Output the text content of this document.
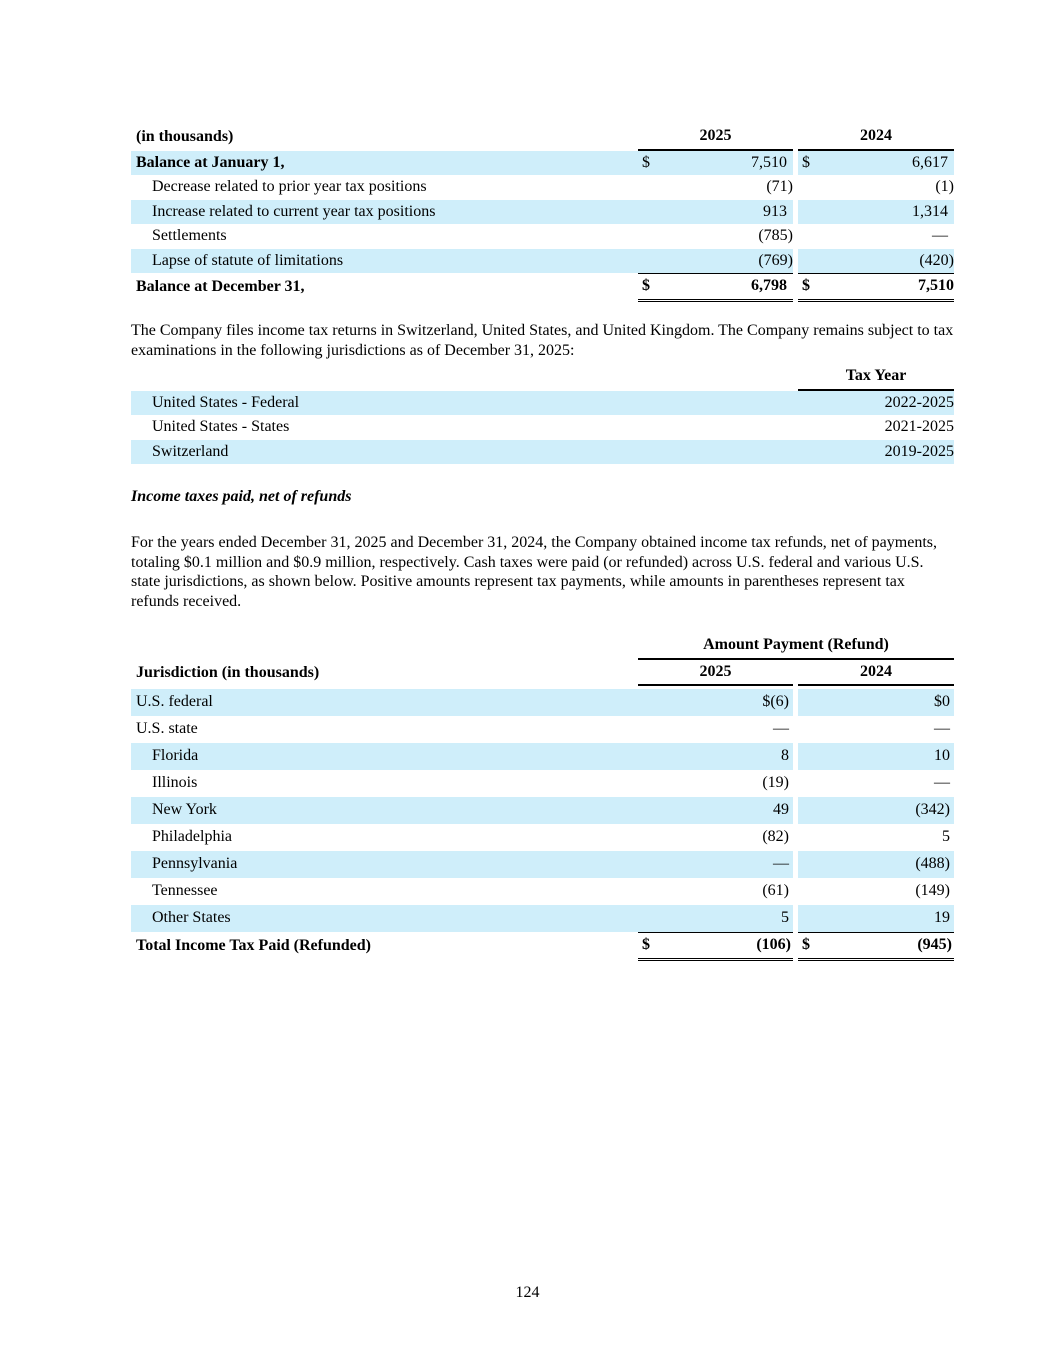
(in thousands)	2025			2024	
Balance at January 1,	$	7,510		$	6,617
Decrease related to prior year tax positions		(71)			(1)
Increase related to current year tax positions		913			1,314
Settlements		(785)			—
Lapse of statute of limitations		(769)			(420)
Balance at December 31,	$	6,798		$	7,510

The Company files income tax returns in Switzerland, United States, and United Kingdom. The Company remains subject to tax examinations in the following jurisdictions as of December 31, 2025:

	Tax Year
United States - Federal	2022-2025
United States - States	2021-2025
Switzerland	2019-2025

Income taxes paid, net of refunds

For the years ended December 31, 2025 and December 31, 2024, the Company obtained income tax refunds, net of payments, totaling $0.1 million and $0.9 million, respectively. Cash taxes were paid (or refunded) across U.S. federal and various U.S. state jurisdictions, as shown below. Positive amounts represent tax payments, while amounts in parentheses represent tax refunds received.

	Amount Payment (Refund)				
Jurisdiction (in thousands)	2025			2024	

U.S. federal		$(6)			$0
U.S. state		—			—
Florida		8			10
Illinois		(19)			—
New York		49			(342)
Philadelphia		(82)			5
Pennsylvania		—			(488)
Tennessee		(61)			(149)
Other States		5			19
Total Income Tax Paid (Refunded)	$	(106)		$	(945)
124
